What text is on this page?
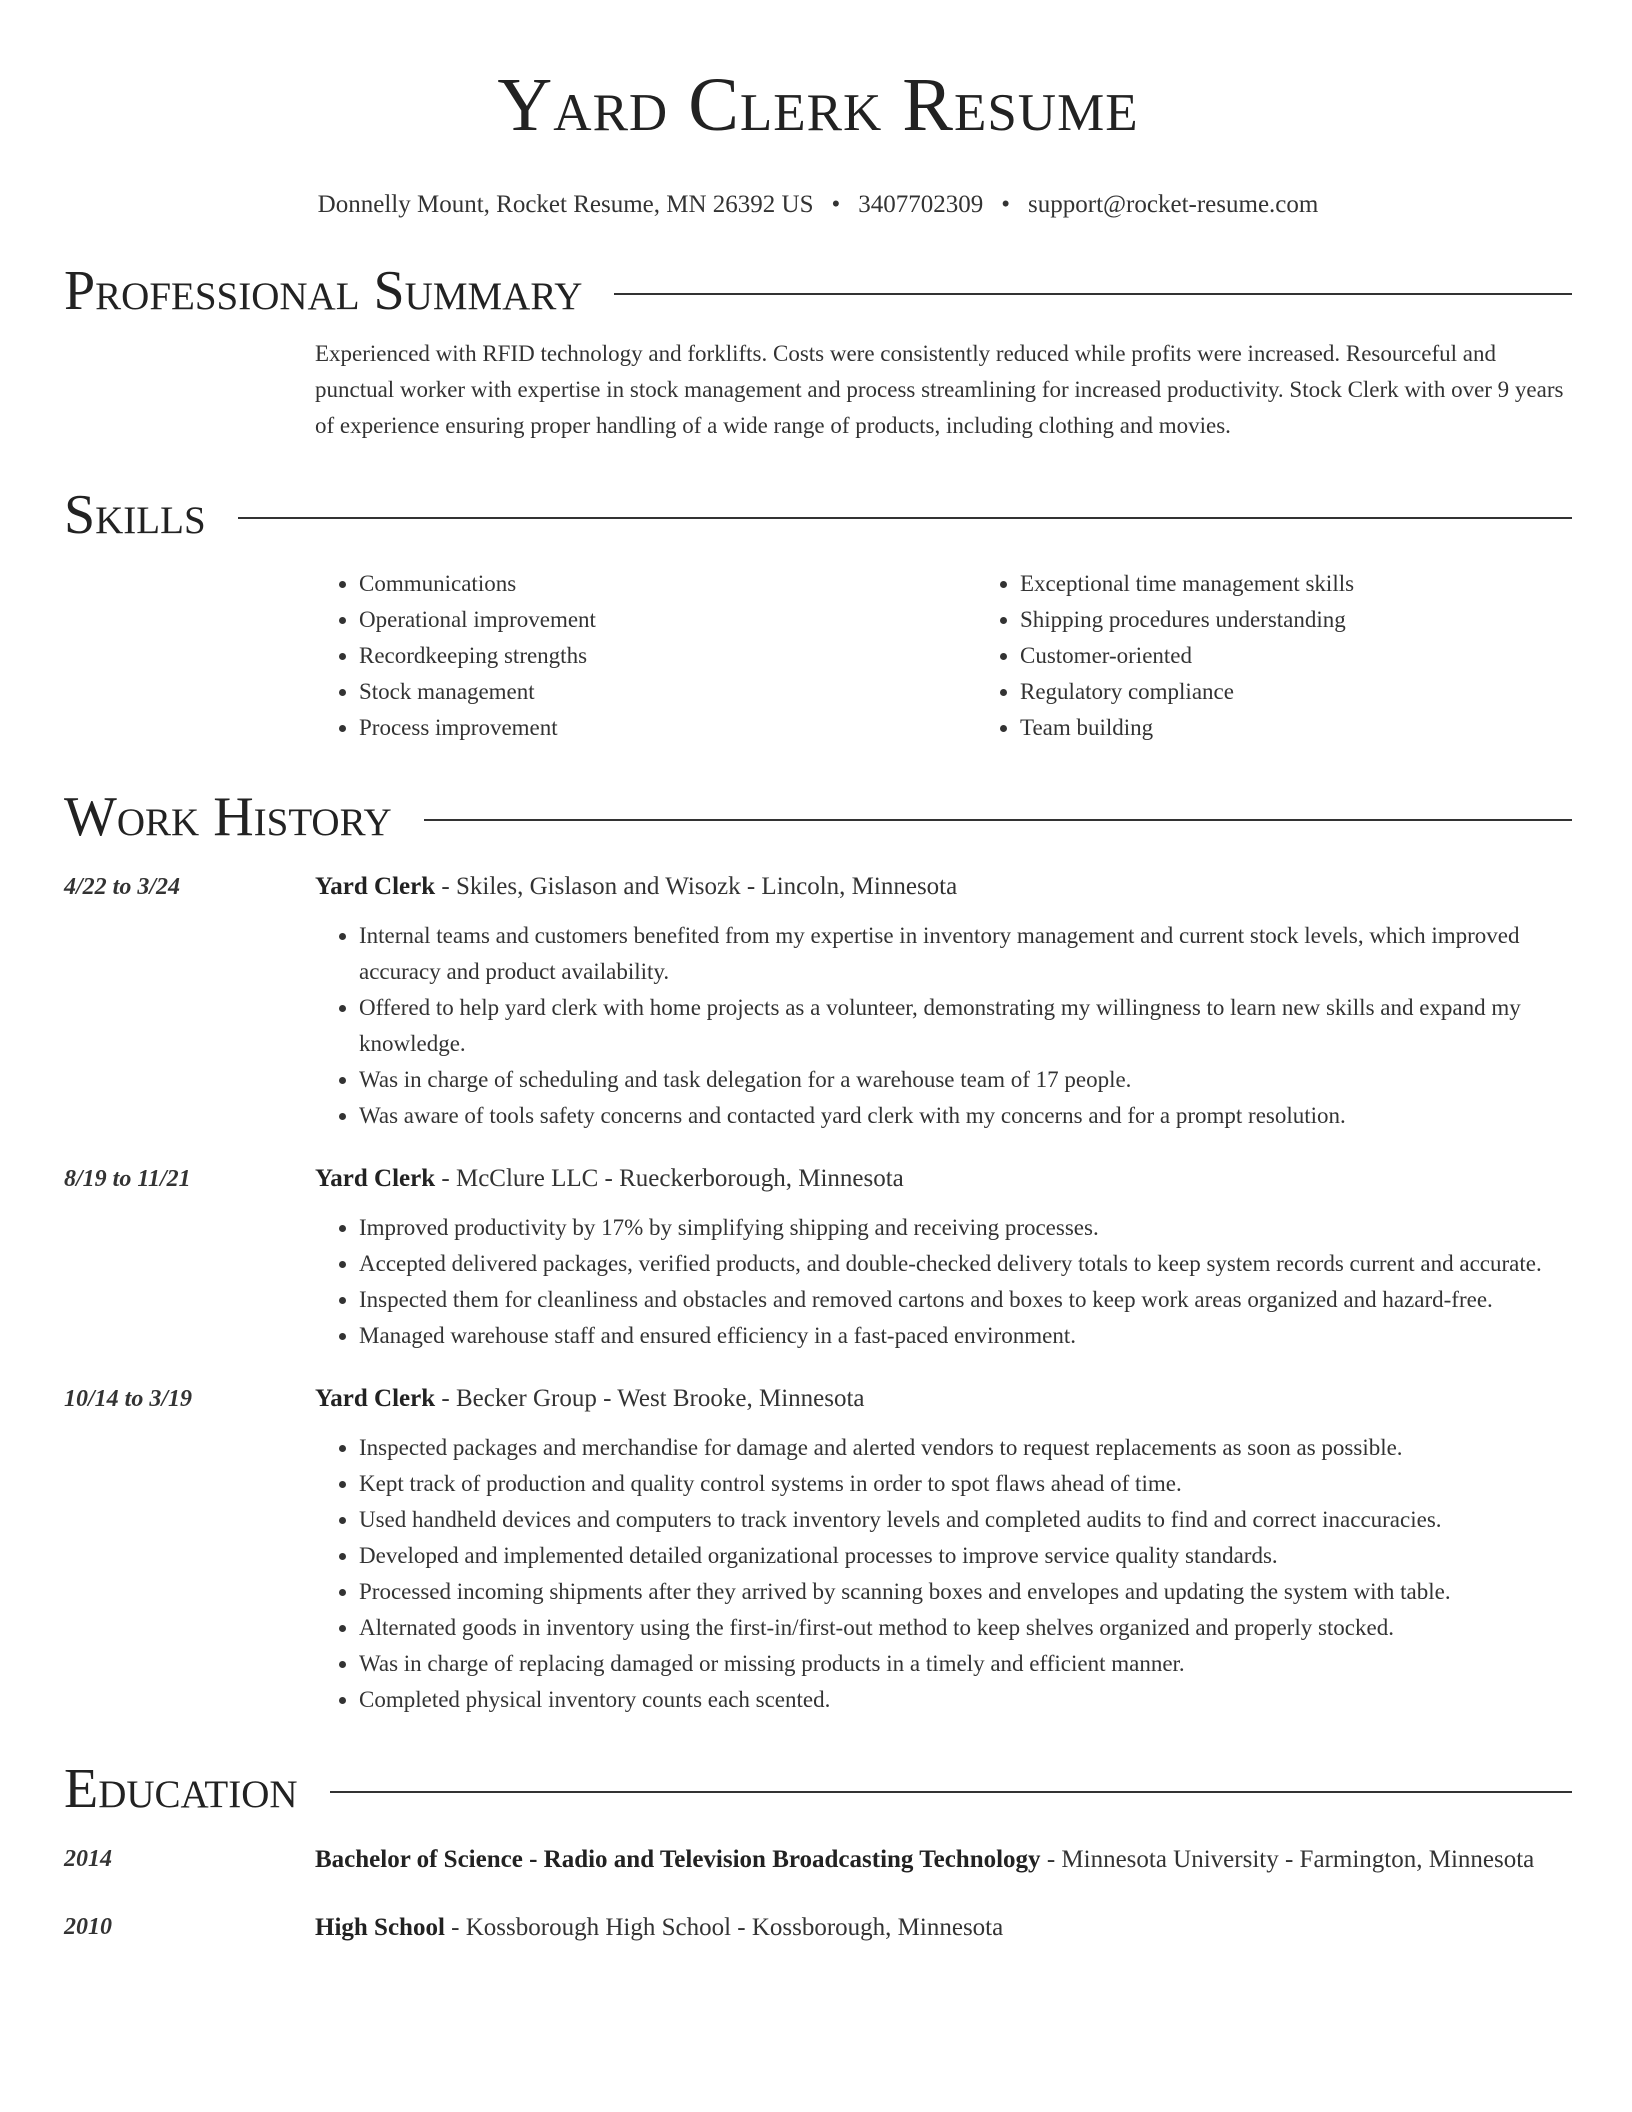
Yard Clerk Resume
Donnelly Mount, Rocket Resume, MN 26392 US • 3407702309 • support@rocket-resume.com
Professional Summary
Experienced with RFID technology and forklifts. Costs were consistently reduced while profits were increased. Resourceful and punctual worker with expertise in stock management and process streamlining for increased productivity. Stock Clerk with over 9 years of experience ensuring proper handling of a wide range of products, including clothing and movies.
Skills
• Communications
• Operational improvement
• Recordkeeping strengths
• Stock management
• Process improvement
• Exceptional time management skills
• Shipping procedures understanding
• Customer-oriented
• Regulatory compliance
• Team building
Work History
4/22 to 3/24	Yard Clerk - Skiles, Gislason and Wisozk - Lincoln, Minnesota
• Internal teams and customers benefited from my expertise in inventory management and current stock levels, which improved accuracy and product availability.
• Offered to help yard clerk with home projects as a volunteer, demonstrating my willingness to learn new skills and expand my knowledge.
• Was in charge of scheduling and task delegation for a warehouse team of 17 people.
• Was aware of tools safety concerns and contacted yard clerk with my concerns and for a prompt resolution.
8/19 to 11/21	Yard Clerk - McClure LLC - Rueckerborough, Minnesota
• Improved productivity by 17% by simplifying shipping and receiving processes.
• Accepted delivered packages, verified products, and double-checked delivery totals to keep system records current and accurate.
• Inspected them for cleanliness and obstacles and removed cartons and boxes to keep work areas organized and hazard-free.
• Managed warehouse staff and ensured efficiency in a fast-paced environment.
10/14 to 3/19	Yard Clerk - Becker Group - West Brooke, Minnesota
• Inspected packages and merchandise for damage and alerted vendors to request replacements as soon as possible.
• Kept track of production and quality control systems in order to spot flaws ahead of time.
• Used handheld devices and computers to track inventory levels and completed audits to find and correct inaccuracies.
• Developed and implemented detailed organizational processes to improve service quality standards.
• Processed incoming shipments after they arrived by scanning boxes and envelopes and updating the system with table.
• Alternated goods in inventory using the first-in/first-out method to keep shelves organized and properly stocked.
• Was in charge of replacing damaged or missing products in a timely and efficient manner.
• Completed physical inventory counts each scented.
Education
2014	Bachelor of Science - Radio and Television Broadcasting Technology - Minnesota University - Farmington, Minnesota
2010	High School - Kossborough High School - Kossborough, Minnesota
